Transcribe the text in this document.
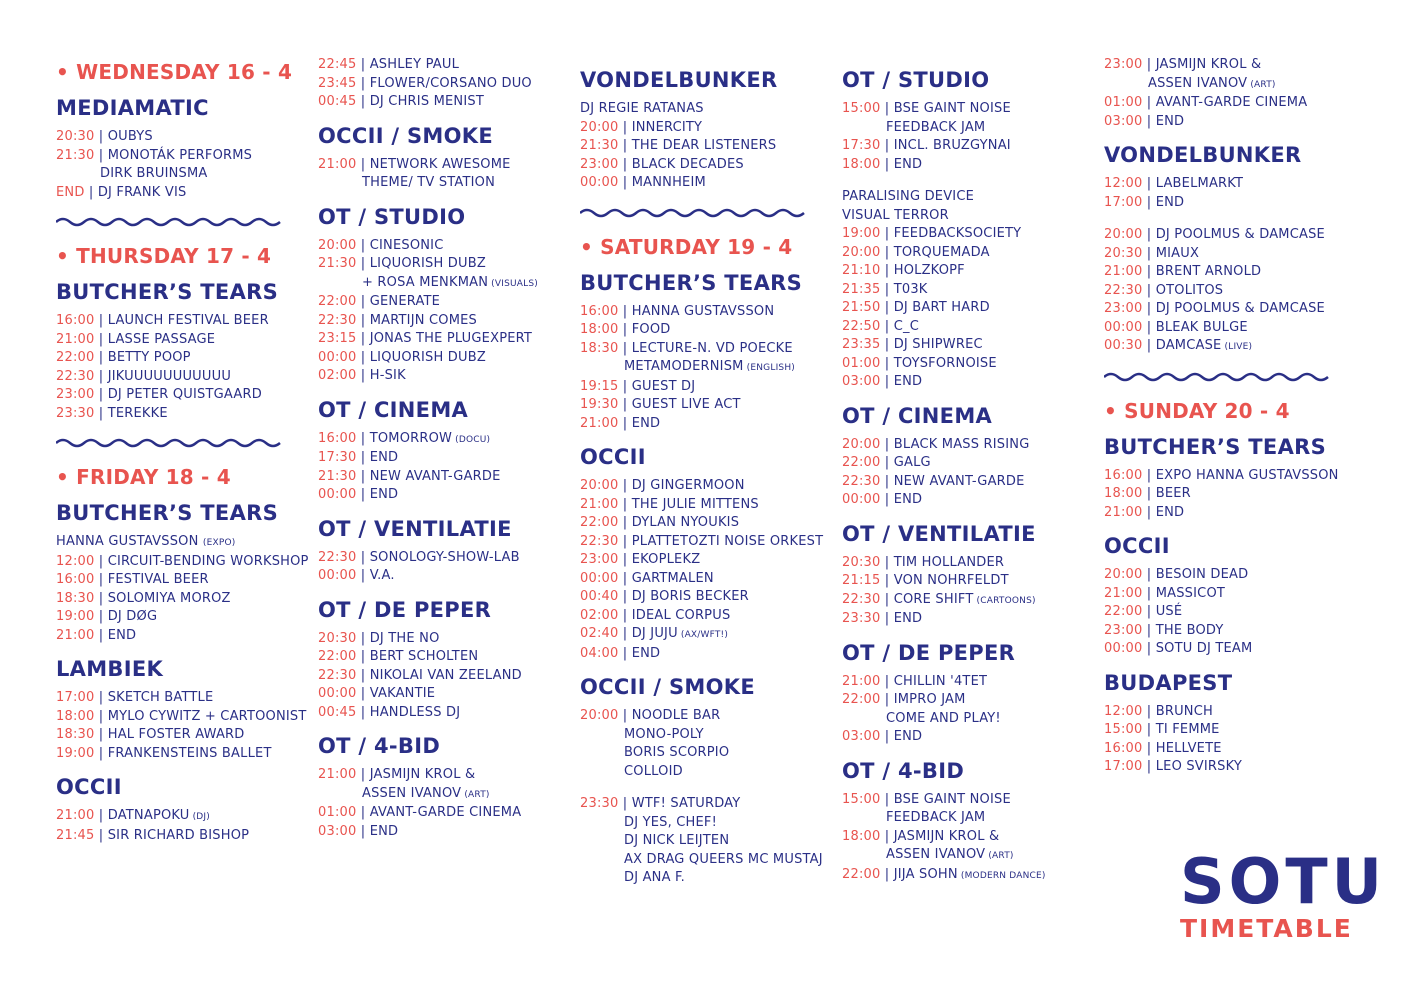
• WEDNESDAY 16 - 4
MEDIAMATIC
20:30 | OUBYS
21:30 | MONOTÁK PERFORMS
DIRK BRUINSMA
END | DJ FRANK VIS
• THURSDAY 17 - 4
BUTCHER’S TEARS
16:00 | LAUNCH FESTIVAL BEER
21:00 | LASSE PASSAGE
22:00 | BETTY POOP
22:30 | JIKUUUUUUUUUUU
23:00 | DJ PETER QUISTGAARD
23:30 | TEREKKE
• FRIDAY 18 - 4
BUTCHER’S TEARS
HANNA GUSTAVSSON (EXPO)
12:00 | CIRCUIT-BENDING WORKSHOP
16:00 | FESTIVAL BEER
18:30 | SOLOMIYA MOROZ
19:00 | DJ DØG
21:00 | END
LAMBIEK
17:00 | SKETCH BATTLE
18:00 | MYLO CYWITZ + CARTOONIST
18:30 | HAL FOSTER AWARD
19:00 | FRANKENSTEINS BALLET
OCCII
21:00 | DATNAPOKU (DJ)
21:45 | SIR RICHARD BISHOP
22:45 | ASHLEY PAUL
23:45 | FLOWER/CORSANO DUO
00:45 | DJ CHRIS MENIST
OCCII / SMOKE
21:00 | NETWORK AWESOME
THEME/ TV STATION
OT / STUDIO
20:00 | CINESONIC
21:30 | LIQUORISH DUBZ
+ ROSA MENKMAN (VISUALS)
22:00 | GENERATE
22:30 | MARTIJN COMES
23:15 | JONAS THE PLUGEXPERT
00:00 | LIQUORISH DUBZ
02:00 | H-SIK
OT / CINEMA
16:00 | TOMORROW (DOCU)
17:30 | END
21:30 | NEW AVANT-GARDE
00:00 | END
OT / VENTILATIE
22:30 | SONOLOGY-SHOW-LAB
00:00 | V.A.
OT / DE PEPER
20:30 | DJ THE NO
22:00 | BERT SCHOLTEN
22:30 | NIKOLAI VAN ZEELAND
00:00 | VAKANTIE
00:45 | HANDLESS DJ
OT / 4-BID
21:00 | JASMIJN KROL &
ASSEN IVANOV (ART)
01:00 | AVANT-GARDE CINEMA
03:00 | END
VONDELBUNKER
DJ REGIE RATANAS
20:00 | INNERCITY
21:30 | THE DEAR LISTENERS
23:00 | BLACK DECADES
00:00 | MANNHEIM
• SATURDAY 19 - 4
BUTCHER’S TEARS
16:00 | HANNA GUSTAVSSON
18:00 | FOOD
18:30 | LECTURE-N. VD POECKE
METAMODERNISM (ENGLISH)
19:15 | GUEST DJ
19:30 | GUEST LIVE ACT
21:00 | END
OCCII
20:00 | DJ GINGERMOON
21:00 | THE JULIE MITTENS
22:00 | DYLAN NYOUKIS
22:30 | PLATTETOZTI NOISE ORKEST
23:00 | EKOPLEKZ
00:00 | GARTMALEN
00:40 | DJ BORIS BECKER
02:00 | IDEAL CORPUS
02:40 | DJ JUJU (AX/WFT!)
04:00 | END
OCCII / SMOKE
20:00 | NOODLE BAR
MONO-POLY
BORIS SCORPIO
COLLOID
23:30 | WTF! SATURDAY
DJ YES, CHEF!
DJ NICK LEIJTEN
AX DRAG QUEERS MC MUSTAJ
DJ ANA F.
OT / STUDIO
15:00 | BSE GAINT NOISE
FEEDBACK JAM
17:30 | INCL. BRUZGYNAI
18:00 | END
PARALISING DEVICE
VISUAL TERROR
19:00 | FEEDBACKSOCIETY
20:00 | TORQUEMADA
21:10 | HOLZKOPF
21:35 | T03K
21:50 | DJ BART HARD
22:50 | C_C
23:35 | DJ SHIPWREC
01:00 | TOYSFORNOISE
03:00 | END
OT / CINEMA
20:00 | BLACK MASS RISING
22:00 | GALG
22:30 | NEW AVANT-GARDE
00:00 | END
OT / VENTILATIE
20:30 | TIM HOLLANDER
21:15 | VON NOHRFELDT
22:30 | CORE SHIFT (CARTOONS)
23:30 | END
OT / DE PEPER
21:00 | CHILLIN '4TET
22:00 | IMPRO JAM
COME AND PLAY!
03:00 | END
OT / 4-BID
15:00 | BSE GAINT NOISE
FEEDBACK JAM
18:00 | JASMIJN KROL &
ASSEN IVANOV (ART)
22:00 | JIJA SOHN (MODERN DANCE)
23:00 | JASMIJN KROL &
ASSEN IVANOV (ART)
01:00 | AVANT-GARDE CINEMA
03:00 | END
VONDELBUNKER
12:00 | LABELMARKT
17:00 | END
20:00 | DJ POOLMUS & DAMCASE
20:30 | MIAUX
21:00 | BRENT ARNOLD
22:30 | OTOLITOS
23:00 | DJ POOLMUS & DAMCASE
00:00 | BLEAK BULGE
00:30 | DAMCASE (LIVE)
• SUNDAY 20 - 4
BUTCHER’S TEARS
16:00 | EXPO HANNA GUSTAVSSON
18:00 | BEER
21:00 | END
OCCII
20:00 | BESOIN DEAD
21:00 | MASSICOT
22:00 | USÉ
23:00 | THE BODY
00:00 | SOTU DJ TEAM
BUDAPEST
12:00 | BRUNCH
15:00 | TI FEMME
16:00 | HELLVETE
17:00 | LEO SVIRSKY
SOTU
TIMETABLE
